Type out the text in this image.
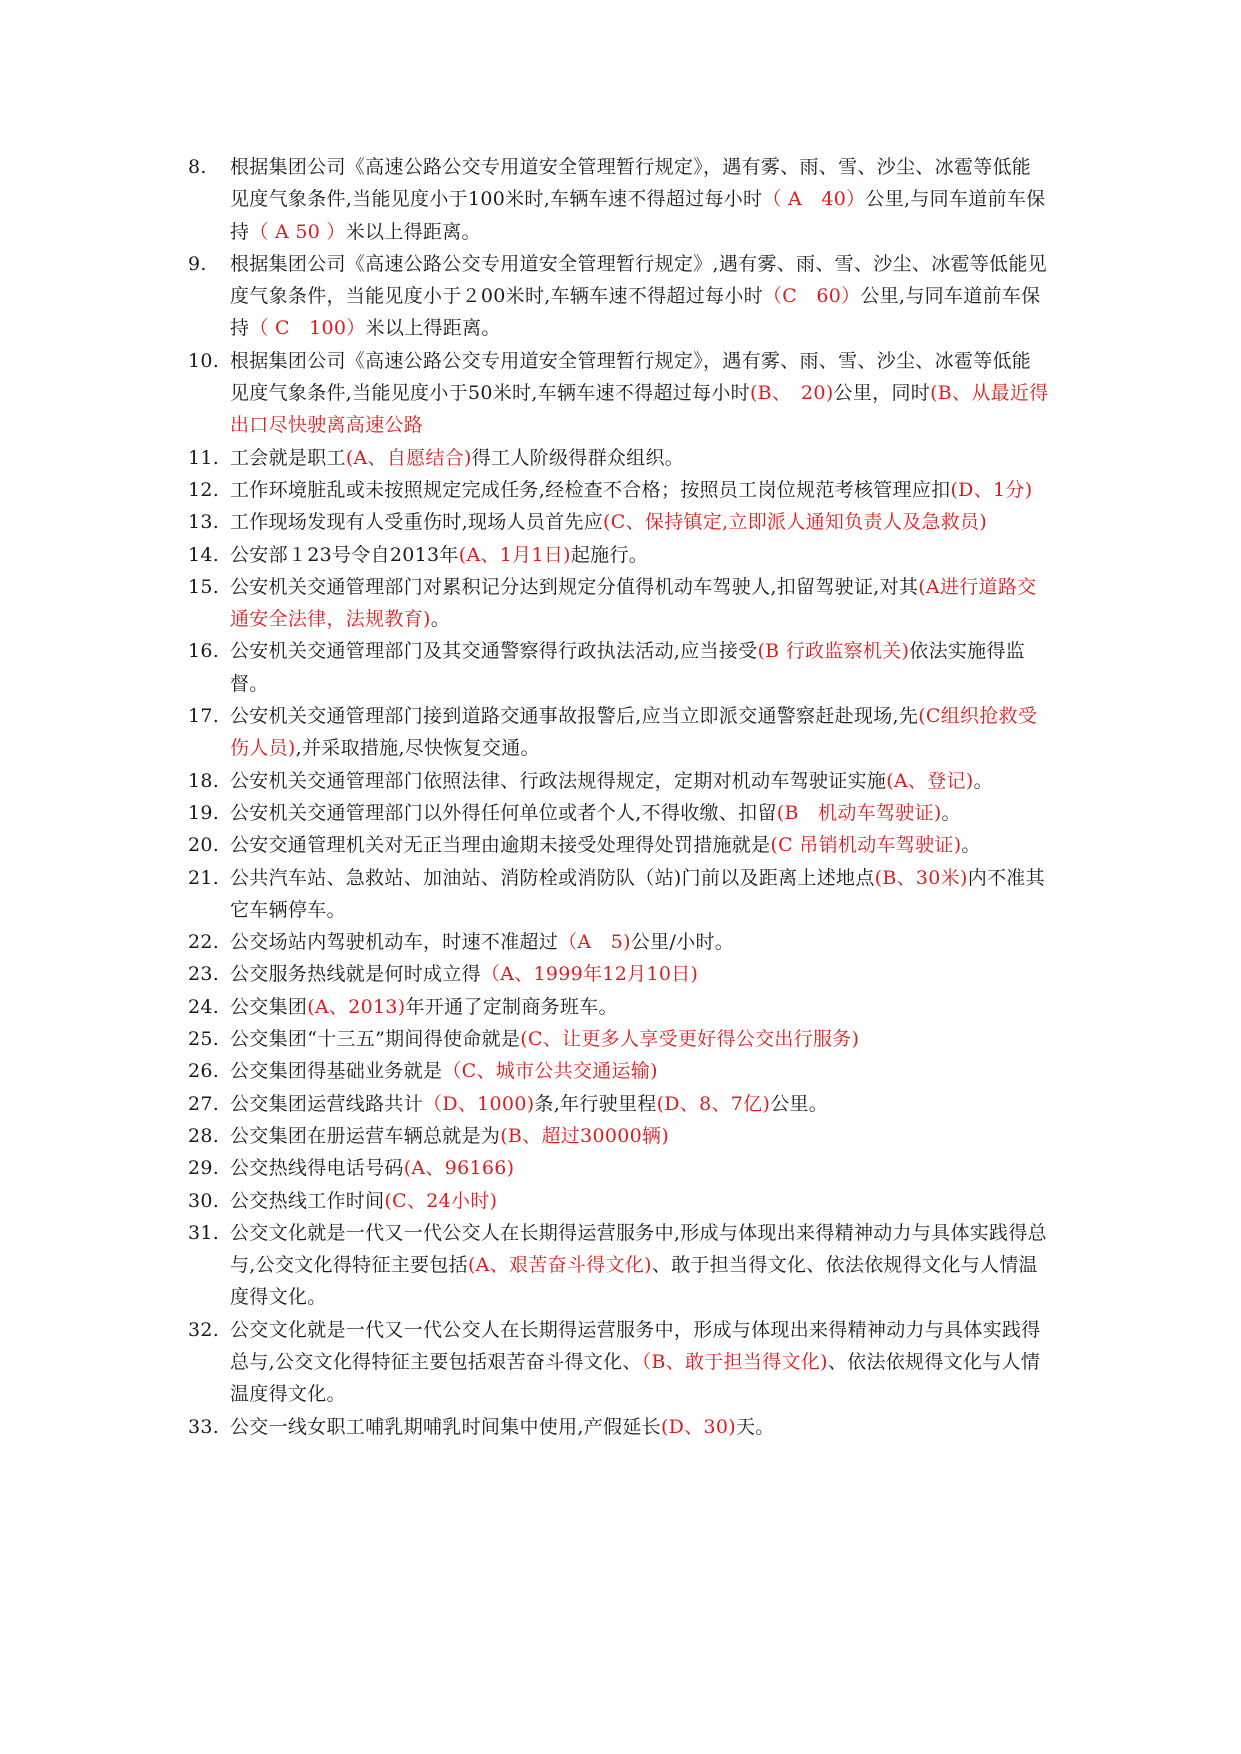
8.	根据集团公司《高速公路公交专用道安全管理暂行规定》，遇有雾、雨、雪、沙尘、冰雹等低能见度气象条件,当能见度小于100米时,车辆车速不得超过每小时（ A　40）公里,与同车道前车保持（ A 50 ）米以上得距离。
9.	根据集团公司《高速公路公交专用道安全管理暂行规定》,遇有雾、雨、雪、沙尘、冰雹等低能见度气象条件，当能见度小于２00米时,车辆车速不得超过每小时（C　60）公里,与同车道前车保持（ C　100）米以上得距离。
10. 根据集团公司《高速公路公交专用道安全管理暂行规定》，遇有雾、雨、雪、沙尘、冰雹等低能见度气象条件,当能见度小于50米时,车辆车速不得超过每小时(B、　20)公里，同时(B、从最近得出口尽快驶离高速公路
11. 工会就是职工(A、自愿结合)得工人阶级得群众组织。
12. 工作环境脏乱或未按照规定完成任务,经检查不合格；按照员工岗位规范考核管理应扣(D、1分)
13. 工作现场发现有人受重伤时,现场人员首先应(C、保持镇定,立即派人通知负责人及急救员)
14. 公安部１23号令自2013年(A、1月1日)起施行。
15. 公安机关交通管理部门对累积记分达到规定分值得机动车驾驶人,扣留驾驶证,对其(A进行道路交通安全法律，法规教育)。
16. 公安机关交通管理部门及其交通警察得行政执法活动,应当接受(B 行政监察机关)依法实施得监督。
17. 公安机关交通管理部门接到道路交通事故报警后,应当立即派交通警察赶赴现场,先(C组织抢救受伤人员),并采取措施,尽快恢复交通。
18. 公安机关交通管理部门依照法律、行政法规得规定，定期对机动车驾驶证实施(A、登记)。
19. 公安机关交通管理部门以外得任何单位或者个人,不得收缴、扣留(B　机动车驾驶证)。
20. 公安交通管理机关对无正当理由逾期未接受处理得处罚措施就是(C 吊销机动车驾驶证)。
21. 公共汽车站、急救站、加油站、消防栓或消防队（站)门前以及距离上述地点(B、30米)内不准其它车辆停车。
22. 公交场站内驾驶机动车，时速不准超过（A　5)公里/小时。
23. 公交服务热线就是何时成立得（A、1999年12月10日)
24. 公交集团(A、2013)年开通了定制商务班车。
25. 公交集团“十三五”期间得使命就是(C、让更多人享受更好得公交出行服务)
26. 公交集团得基础业务就是（C、城市公共交通运输)
27. 公交集团运营线路共计（D、1000)条,年行驶里程(D、8、7亿)公里。
28. 公交集团在册运营车辆总就是为(B、超过30000辆)
29. 公交热线得电话号码(A、96166)
30. 公交热线工作时间(C、24小时)
31. 公交文化就是一代又一代公交人在长期得运营服务中,形成与体现出来得精神动力与具体实践得总与,公交文化得特征主要包括(A、艰苦奋斗得文化)、敢于担当得文化、依法依规得文化与人情温度得文化。
32. 公交文化就是一代又一代公交人在长期得运营服务中，形成与体现出来得精神动力与具体实践得总与,公交文化得特征主要包括艰苦奋斗得文化、（B、敢于担当得文化)、依法依规得文化与人情温度得文化。
33. 公交一线女职工哺乳期哺乳时间集中使用,产假延长(D、30)天。
